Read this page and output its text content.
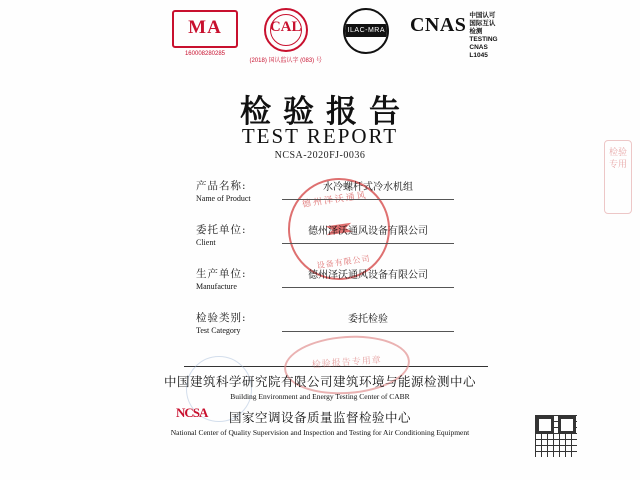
MA
160008280285
CAL
(2018) 国认监认字 (083) 号
ILAC-MRA CNAS 中国认可
国际互认
检测
TESTING
CNAS L1045
检验报告
TEST REPORT
NCSA-2020FJ-0036	检验专用
德州泽沃通风
设备有限公司
产品名称:
Name of Product
水冷螺杆式冷水机组
委托单位:
Client
德州泽沃通风设备有限公司
生产单位:
Manufacture
德州泽沃通风设备有限公司
检验类别:
Test Category
委托检验
检验报告专用章
中国建筑科学研究院有限公司建筑环境与能源检测中心
Building Environment and Energy Testing Center of CABR
国家空调设备质量监督检验中心
National Center of Quality Supervision and Inspection and Testing for Air Conditioning Equipment
NCSA
